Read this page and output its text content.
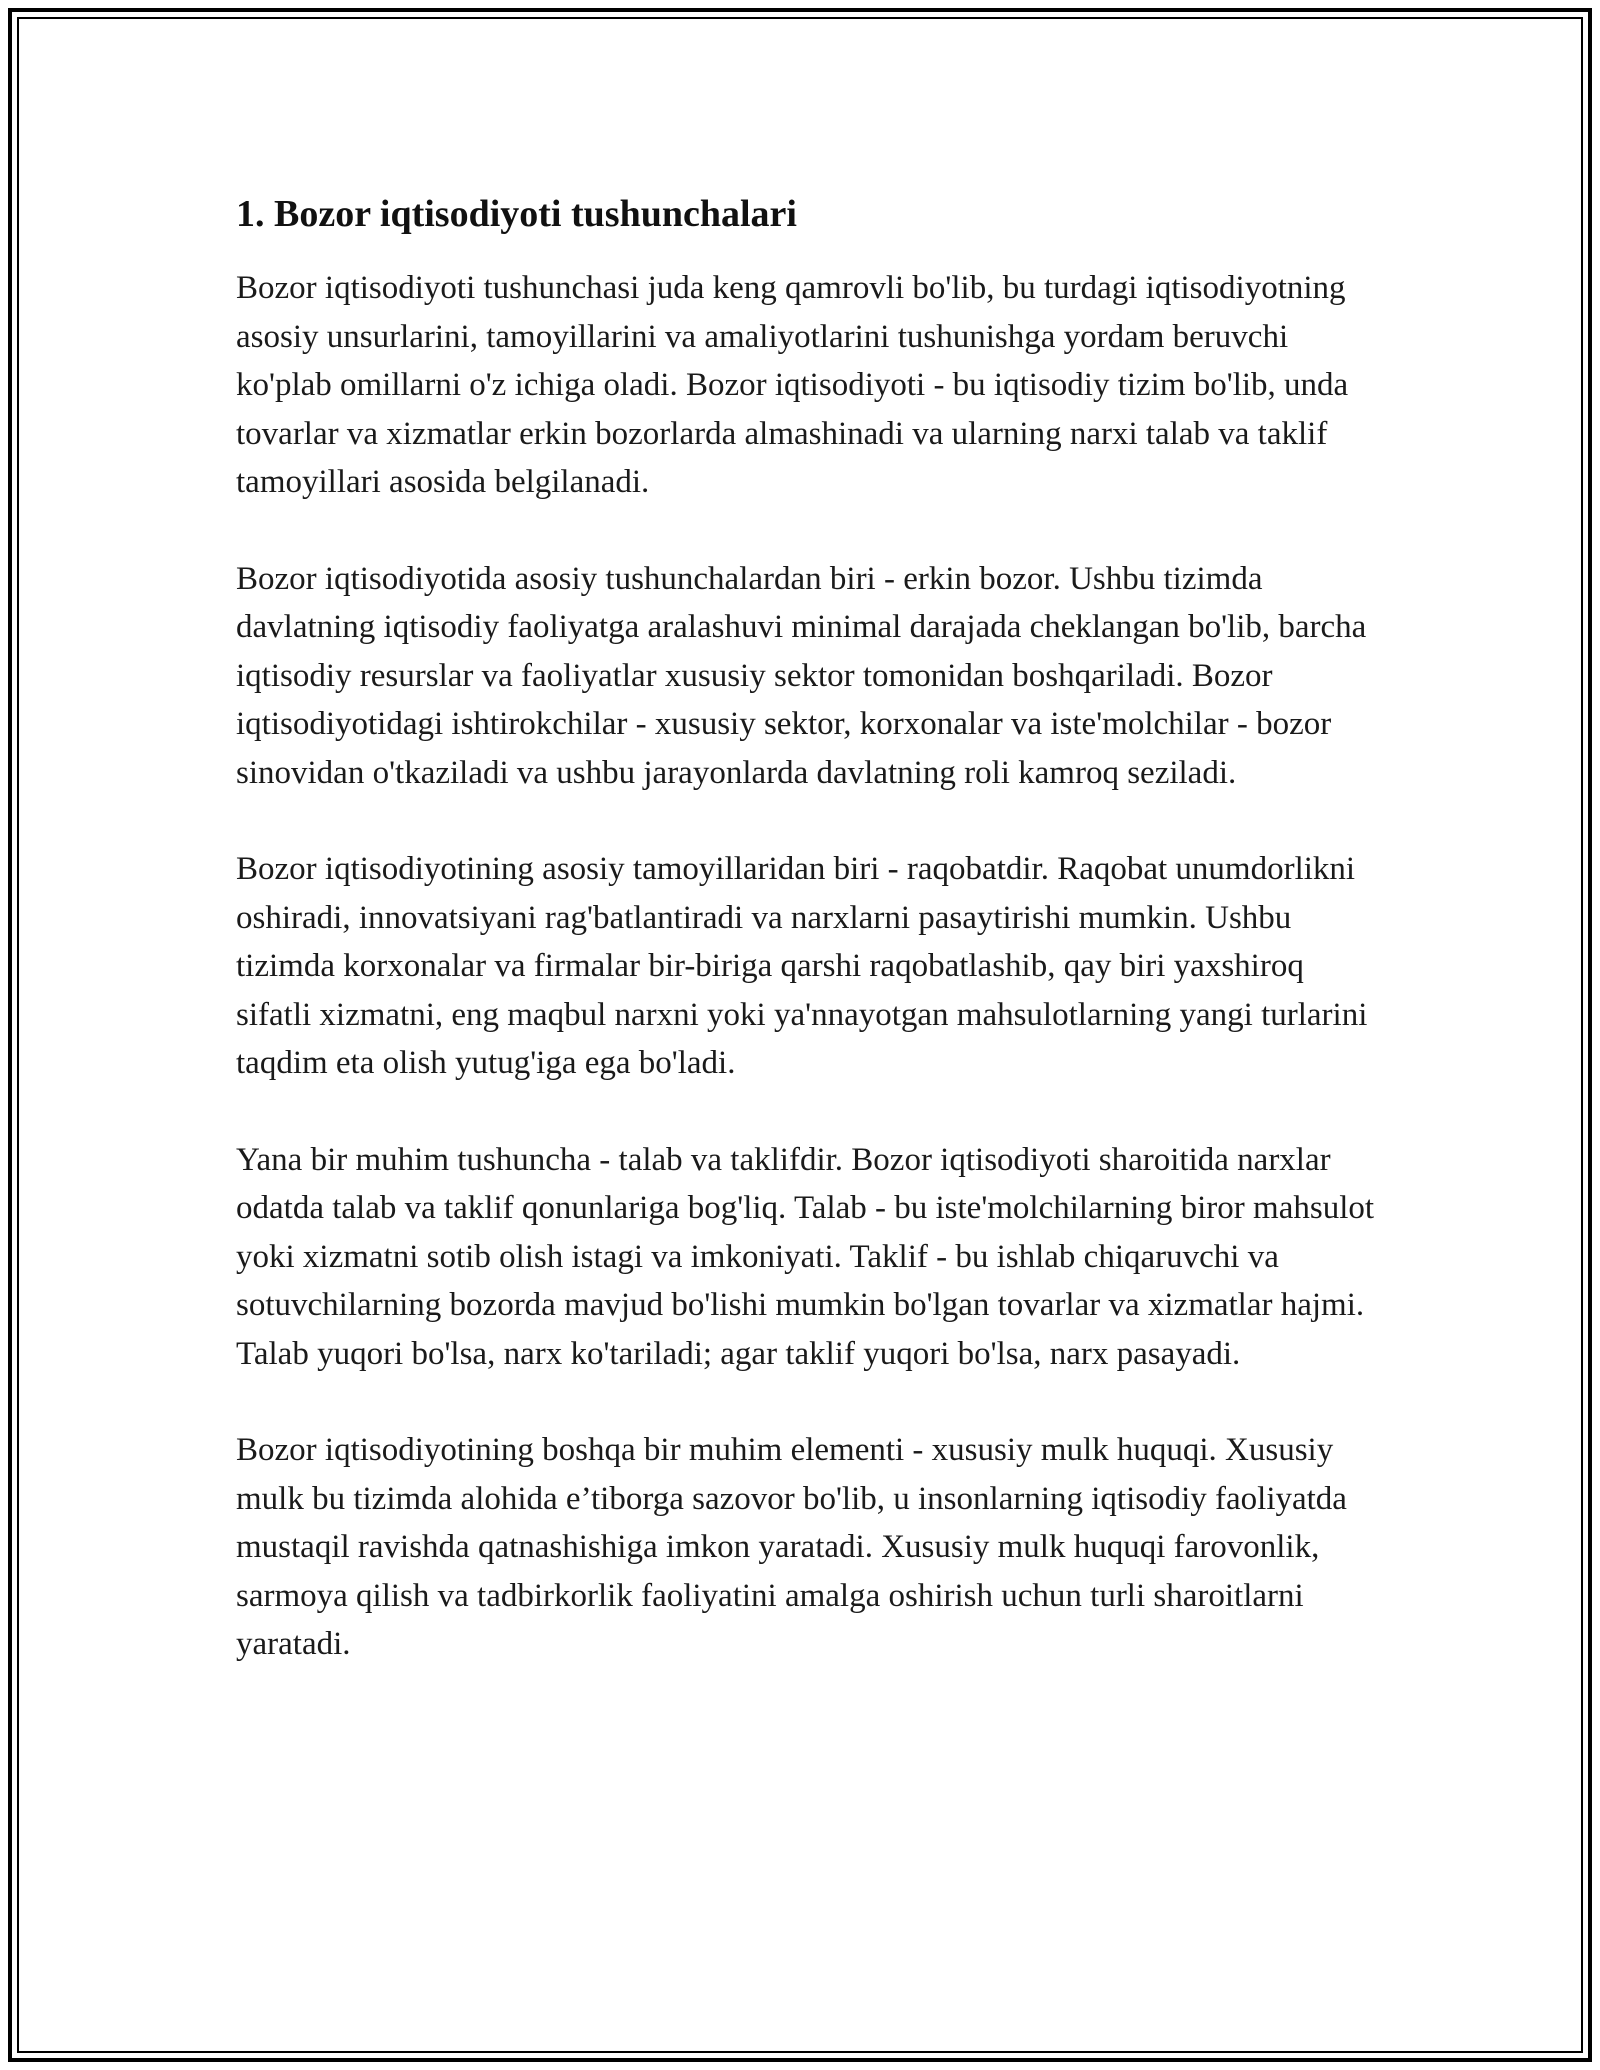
1. Bozor iqtisodiyoti tushunchalari

Bozor iqtisodiyoti tushunchasi juda keng qamrovli bo'lib, bu turdagi iqtisodiyotning asosiy unsurlarini, tamoyillarini va amaliyotlarini tushunishga yordam beruvchi ko'plab omillarni o'z ichiga oladi. Bozor iqtisodiyoti - bu iqtisodiy tizim bo'lib, unda tovarlar va xizmatlar erkin bozorlarda almashinadi va ularning narxi talab va taklif tamoyillari asosida belgilanadi.

Bozor iqtisodiyotida asosiy tushunchalardan biri - erkin bozor. Ushbu tizimda davlatning iqtisodiy faoliyatga aralashuvi minimal darajada cheklangan bo'lib, barcha iqtisodiy resurslar va faoliyatlar xususiy sektor tomonidan boshqariladi. Bozor iqtisodiyotidagi ishtirokchilar - xususiy sektor, korxonalar va iste'molchilar - bozor sinovidan o'tkaziladi va ushbu jarayonlarda davlatning roli kamroq seziladi.

Bozor iqtisodiyotining asosiy tamoyillaridan biri - raqobatdir. Raqobat unumdorlikni oshiradi, innovatsiyani rag'batlantiradi va narxlarni pasaytirishi mumkin. Ushbu tizimda korxonalar va firmalar bir-biriga qarshi raqobatlashib, qay biri yaxshiroq sifatli xizmatni, eng maqbul narxni yoki ya'nnayotgan mahsulotlarning yangi turlarini taqdim eta olish yutug'iga ega bo'ladi.

Yana bir muhim tushuncha - talab va taklifdir. Bozor iqtisodiyoti sharoitida narxlar odatda talab va taklif qonunlariga bog'liq. Talab - bu iste'molchilarning biror mahsulot yoki xizmatni sotib olish istagi va imkoniyati. Taklif - bu ishlab chiqaruvchi va sotuvchilarning bozorda mavjud bo'lishi mumkin bo'lgan tovarlar va xizmatlar hajmi. Talab yuqori bo'lsa, narx ko'tariladi; agar taklif yuqori bo'lsa, narx pasayadi.

Bozor iqtisodiyotining boshqa bir muhim elementi - xususiy mulk huquqi. Xususiy mulk bu tizimda alohida e’tiborga sazovor bo'lib, u insonlarning iqtisodiy faoliyatda mustaqil ravishda qatnashishiga imkon yaratadi. Xususiy mulk huquqi farovonlik, sarmoya qilish va tadbirkorlik faoliyatini amalga oshirish uchun turli sharoitlarni yaratadi.
